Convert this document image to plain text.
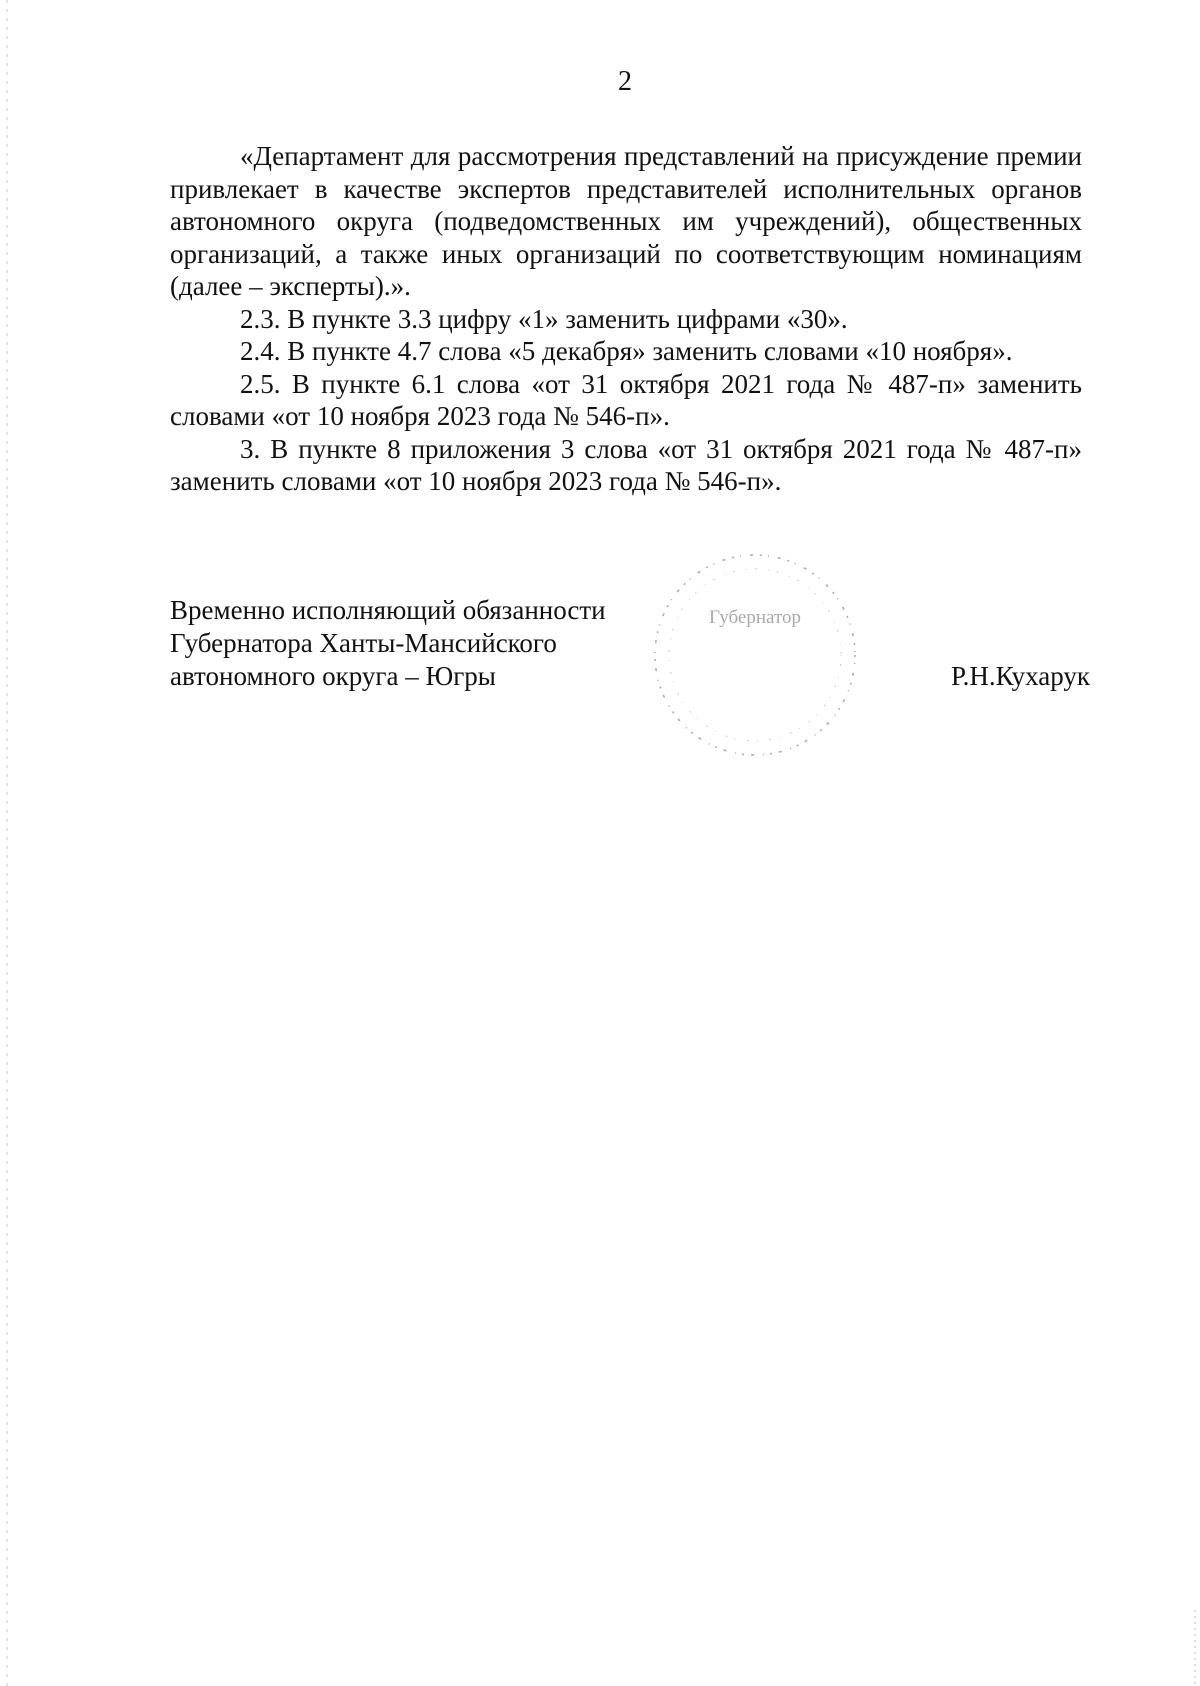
2

«Департамент для рассмотрения представлений на присуждение премии привлекает в качестве экспертов представителей исполнительных органов автономного округа (подведомственных им учреждений), общественных организаций, а также иных организаций по соответствующим номинациям (далее – эксперты).».

2.3. В пункте 3.3 цифру «1» заменить цифрами «30».

2.4. В пункте 4.7 слова «5 декабря» заменить словами «10 ноября».

2.5. В пункте 6.1 слова «от 31 октября 2021 года № 487-п» заменить словами «от 10 ноября 2023 года № 546-п».

3. В пункте 8 приложения 3 слова «от 31 октября 2021 года № 487-п» заменить словами «от 10 ноября 2023 года № 546-п».

Губернатор

Временно исполняющий обязанности
Губернатора Ханты-Мансийского
автономного округа – Югры	Р.Н.Кухарук
